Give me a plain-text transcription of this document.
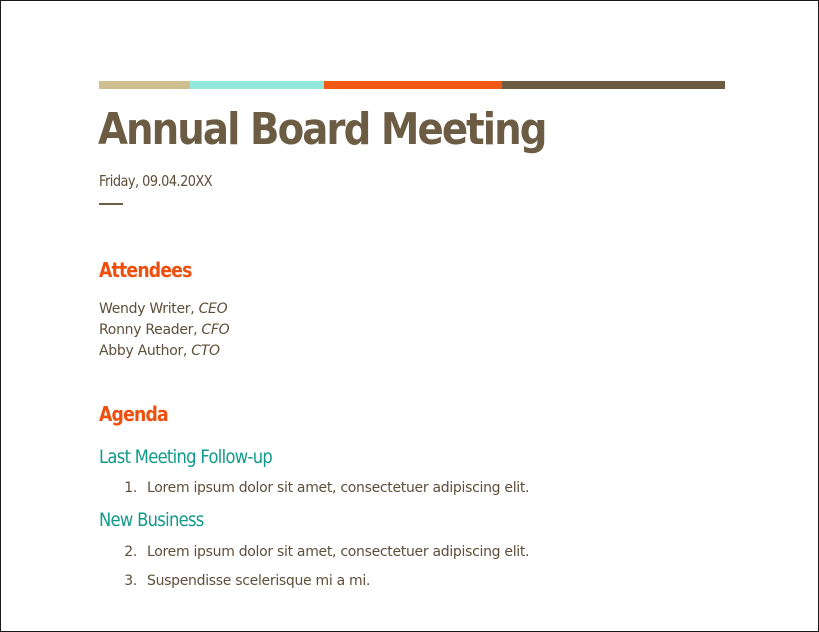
Annual Board Meeting
Friday, 09.04.20XX
Attendees
Wendy Writer, CEO
Ronny Reader, CFO
Abby Author, CTO
Agenda
Last Meeting Follow-up
1. Lorem ipsum dolor sit amet, consectetuer adipiscing elit.
New Business
2. Lorem ipsum dolor sit amet, consectetuer adipiscing elit.
3. Suspendisse scelerisque mi a mi.
